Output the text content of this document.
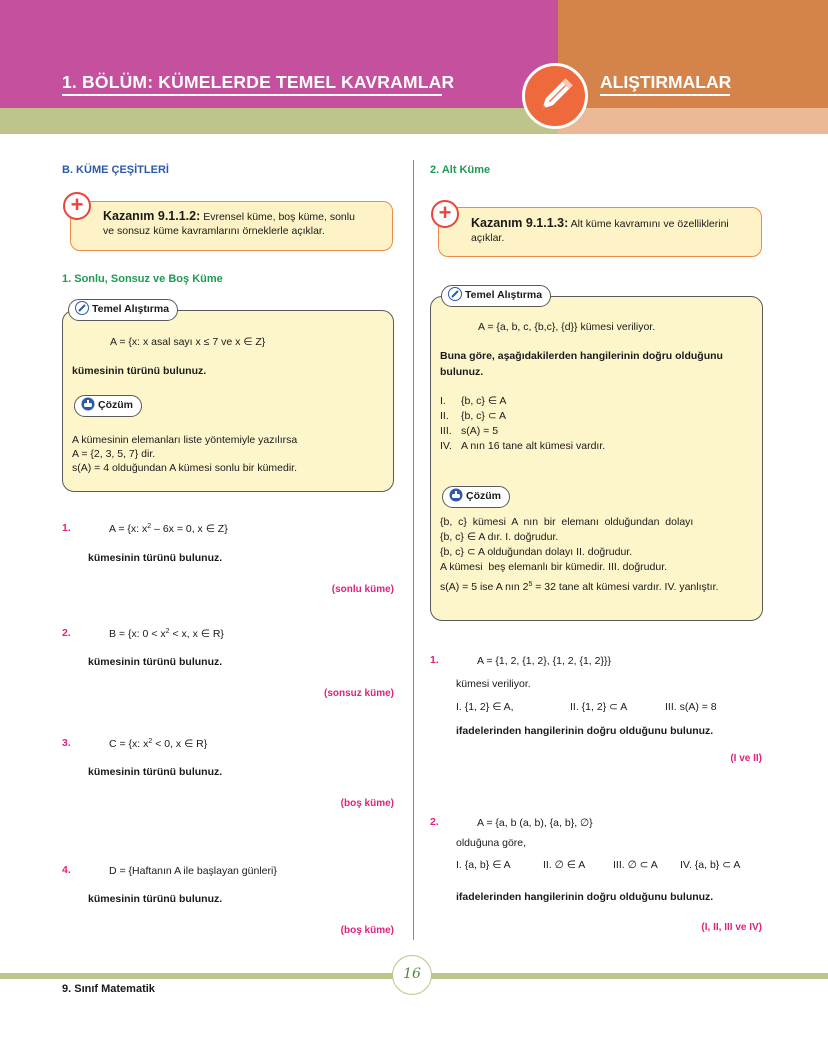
1. BÖLÜM: KÜMELERDE TEMEL KAVRAMLAR	ALIŞTIRMALAR
B. KÜME ÇEŞİTLERİ
Kazanım 9.1.1.2: Evrensel küme, boş küme, sonlu
ve sonsuz küme kavramlarını örneklerle açıklar.
+
1. Sonlu, Sonsuz ve Boş Küme
A = {x: x asal sayı x ≤ 7 ve x ∈ Z}
kümesinin türünü bulunuz.
A kümesinin elemanları liste yöntemiyle yazılırsa
A = {2, 3, 5, 7} dir.
s(A) = 4 olduğundan A kümesi sonlu bir kümedir.
Temel Alıştırma
Çözüm
1.	A = {x: $x^2 - 6x = 0$, x ∈ Z}
kümesinin türünü bulunuz.
(sonlu küme)
2.	B = {x: $0 < x^2 < x$, x ∈ R}
kümesinin türünü bulunuz.
(sonsuz küme)
3.	C = {x: $x^2 < 0$, x ∈ R}
kümesinin türünü bulunuz.
(boş küme)
4.	D = {Haftanın A ile başlayan günleri}
kümesinin türünü bulunuz.
(boş küme)
2. Alt Küme
Kazanım 9.1.1.3: Alt küme kavramını ve özelliklerini
açıklar.
+
A = {a, b, c, {b,c}, {d}} kümesi veriliyor.
Buna göre, aşağıdakilerden hangilerinin doğru olduğunu
bulunuz.
I. {b, c} ∈ A
II. {b, c} ⊂ A
III. s(A) = 5
IV. A nın 16 tane alt kümesi vardır.
{b,  c}  kümesi  A  nın  bir  elemanı  olduğundan  dolayı
{b, c} ∈ A dır. I. doğrudur.
{b, c} ⊂ A olduğundan dolayı II. doğrudur.
A kümesi  beş elemanlı bir kümedir. III. doğrudur.
s(A) = 5 ise A nın $2^5 = 32$ tane alt kümesi vardır. IV. yanlıştır.
Temel Alıştırma
Çözüm
1.	A = {1, 2, {1, 2}, {1, 2, {1, 2}}}
kümesi veriliyor.
I. {1, 2} ∈ A,	II. {1, 2} ⊂ A	III. s(A) = 8
ifadelerinden hangilerinin doğru olduğunu bulunuz.
(I ve II)
2.	A = {a, b (a, b), {a, b}, ∅}
olduğuna göre,
I. {a, b} ∈ A	II. ∅ ∈ A	III. ∅ ⊂ A IV. {a, b} ⊂ A
ifadelerinden hangilerinin doğru olduğunu bulunuz.
(I, II, III ve IV)
16
9. Sınıf Matematik
